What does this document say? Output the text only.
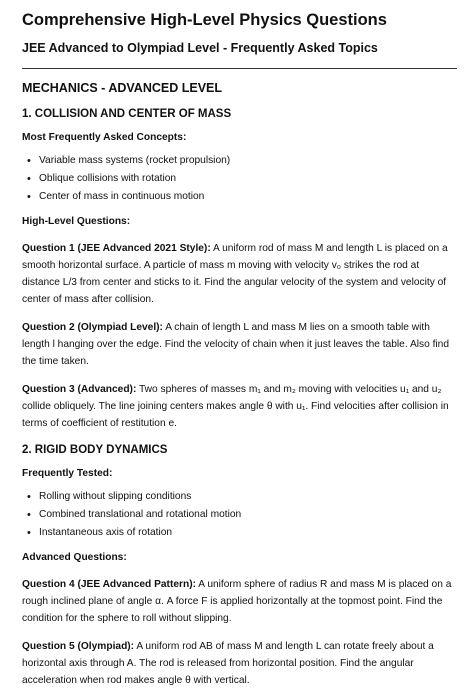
Comprehensive High-Level Physics Questions
JEE Advanced to Olympiad Level - Frequently Asked Topics
MECHANICS - ADVANCED LEVEL
1. COLLISION AND CENTER OF MASS
Most Frequently Asked Concepts:
• Variable mass systems (rocket propulsion)
• Oblique collisions with rotation
• Center of mass in continuous motion
High-Level Questions:

Question 1 (JEE Advanced 2021 Style): A uniform rod of mass M and length L is placed on a smooth horizontal surface. A particle of mass m moving with velocity v₀ strikes the rod at distance L/3 from center and sticks to it. Find the angular velocity of the system and velocity of center of mass after collision.

Question 2 (Olympiad Level): A chain of length L and mass M lies on a smooth table with length l hanging over the edge. Find the velocity of chain when it just leaves the table. Also find the time taken.

Question 3 (Advanced): Two spheres of masses m₁ and m₂ moving with velocities u₁ and u₂ collide obliquely. The line joining centers makes angle θ with u₁. Find velocities after collision in terms of coefficient of restitution e.

2. RIGID BODY DYNAMICS
Frequently Tested:
• Rolling without slipping conditions
• Combined translational and rotational motion
• Instantaneous axis of rotation
Advanced Questions:

Question 4 (JEE Advanced Pattern): A uniform sphere of radius R and mass M is placed on a rough inclined plane of angle α. A force F is applied horizontally at the topmost point. Find the condition for the sphere to roll without slipping.

Question 5 (Olympiad): A uniform rod AB of mass M and length L can rotate freely about a horizontal axis through A. The rod is released from horizontal position. Find the angular acceleration when rod makes angle θ with vertical.
